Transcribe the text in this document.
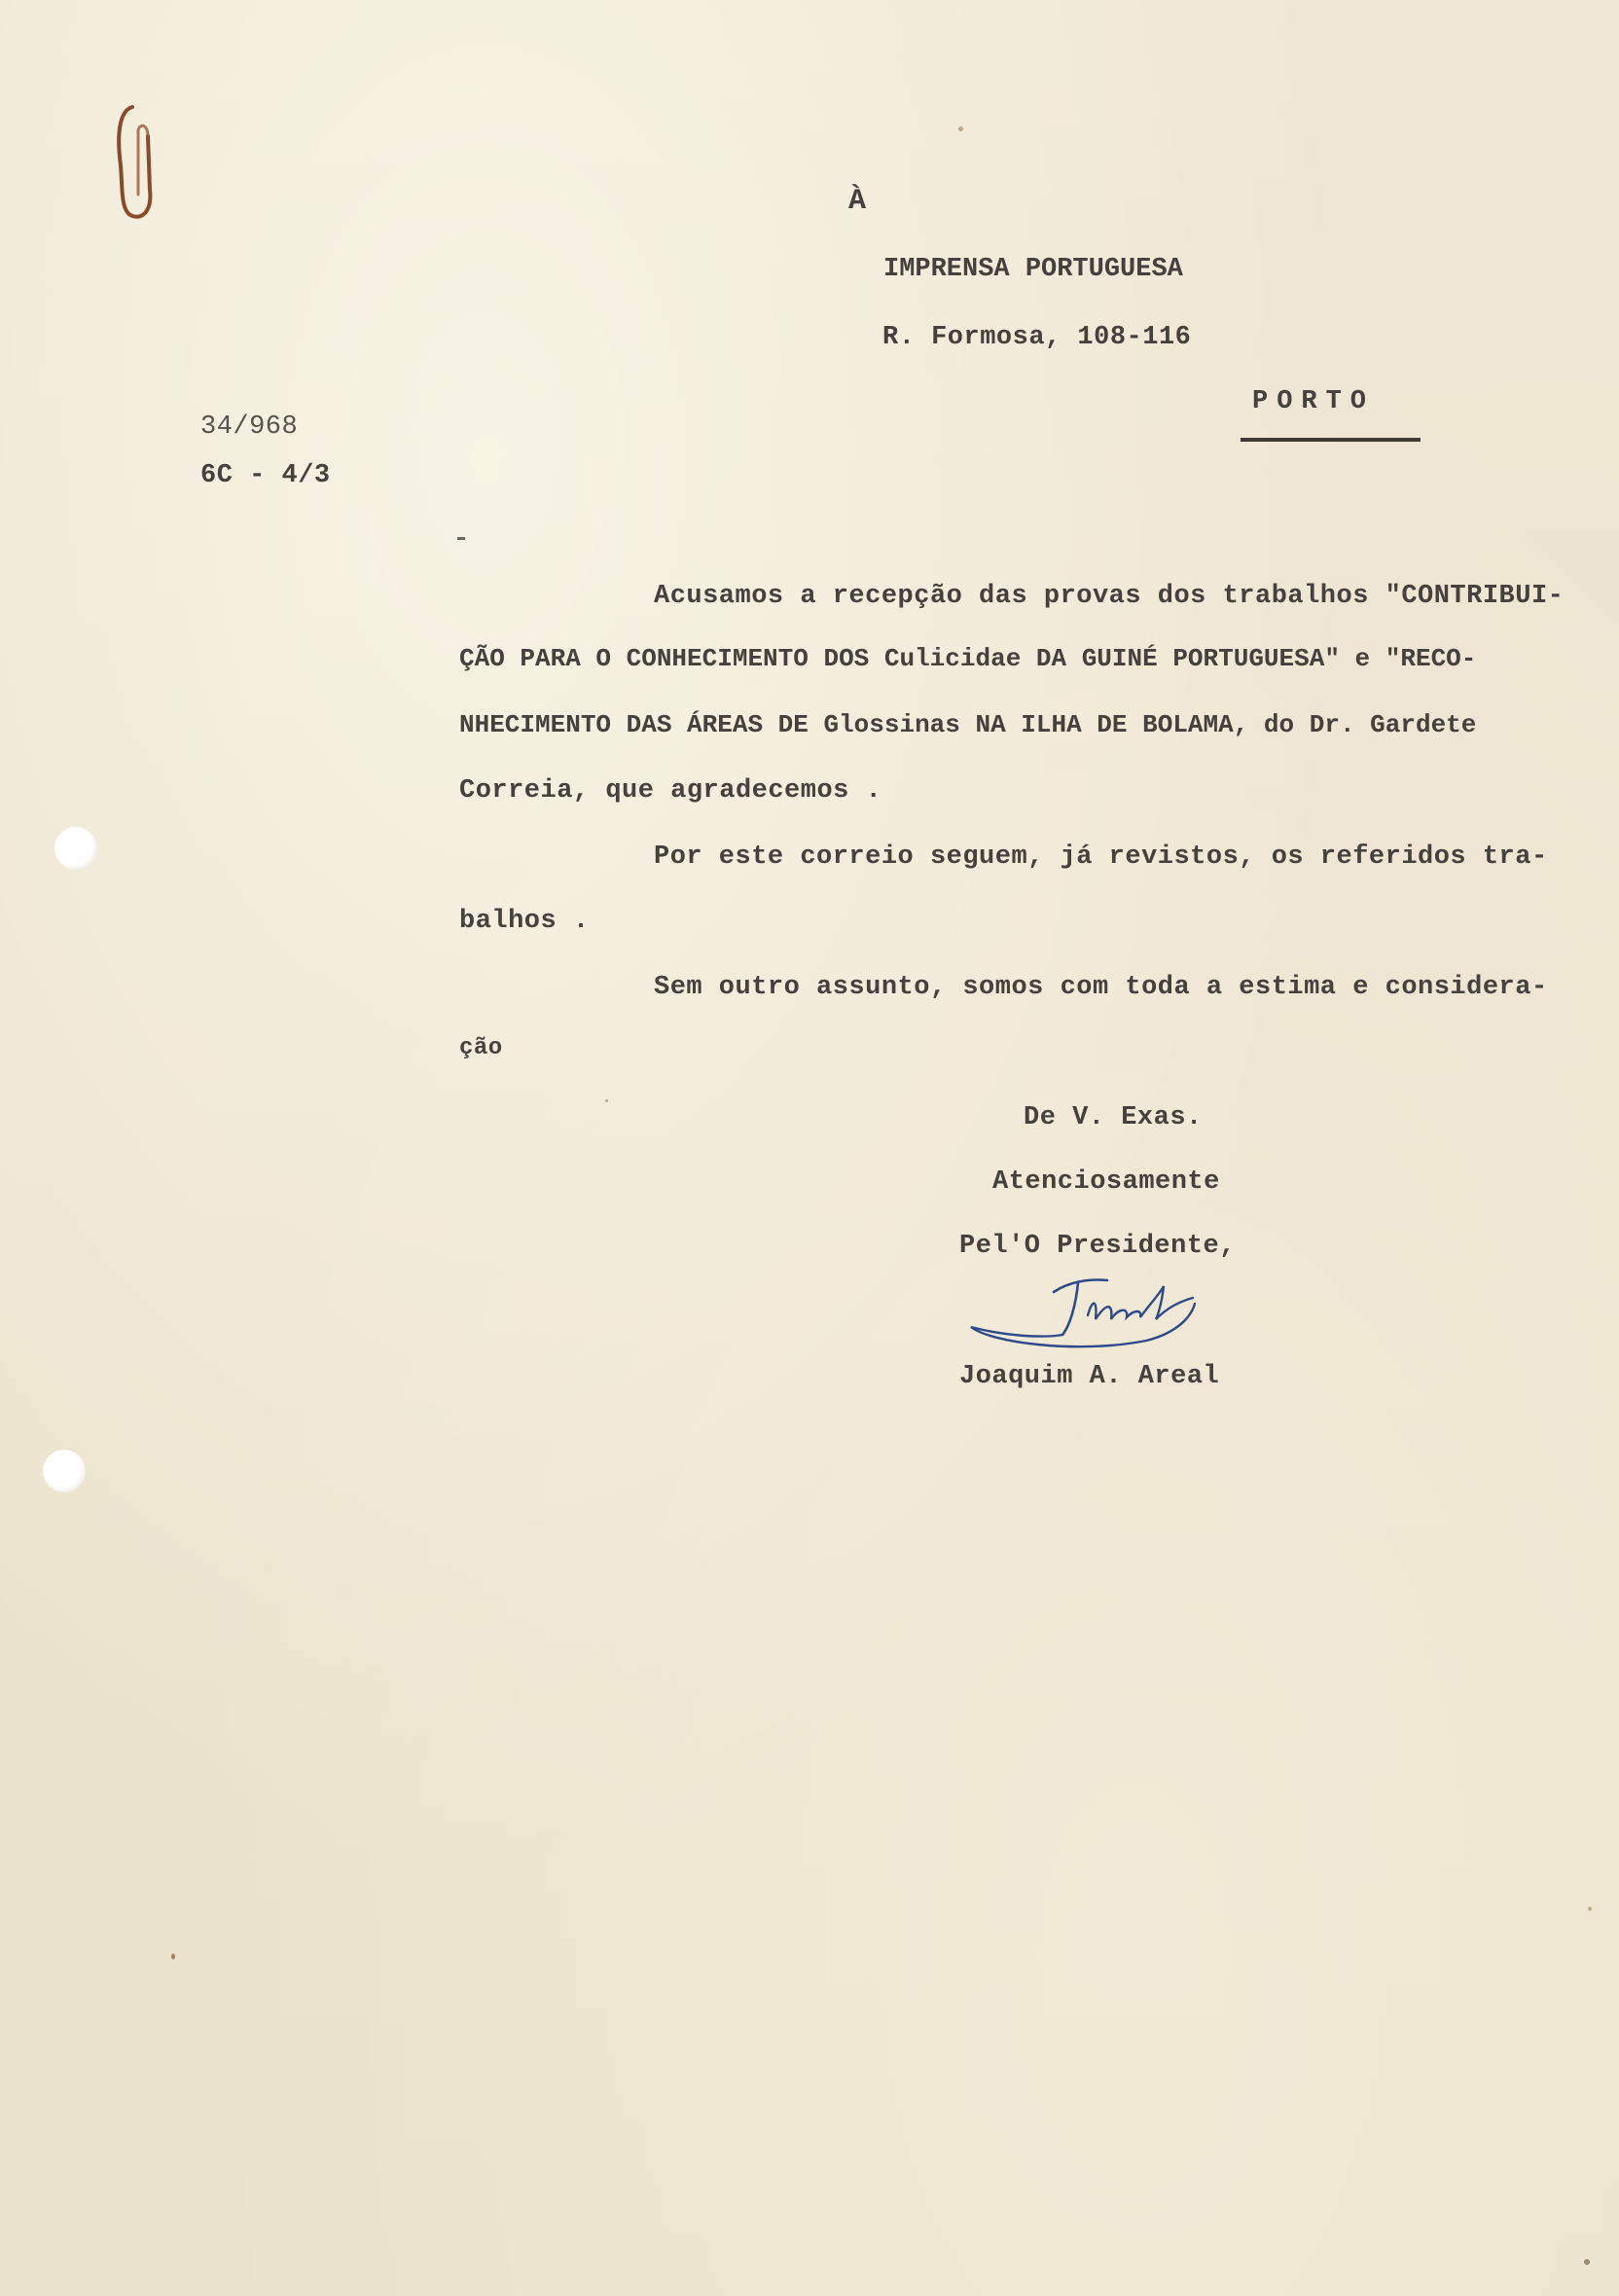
À
IMPRENSA PORTUGUESA
R. Formosa, 108-116
PORTO
34/968
6C - 4/3
Acusamos a recepção das provas dos trabalhos "CONTRIBUI-
ÇÃO PARA O CONHECIMENTO DOS Culicidae DA GUINÉ PORTUGUESA" e "RECO-
NHECIMENTO DAS ÁREAS DE Glossinas NA ILHA DE BOLAMA, do Dr. Gardete
Correia, que agradecemos .
Por este correio seguem, já revistos, os referidos tra-
balhos .
Sem outro assunto, somos com toda a estima e considera-
ção
De V. Exas.
Atenciosamente
Pel'O Presidente,
Joaquim A. Areal
